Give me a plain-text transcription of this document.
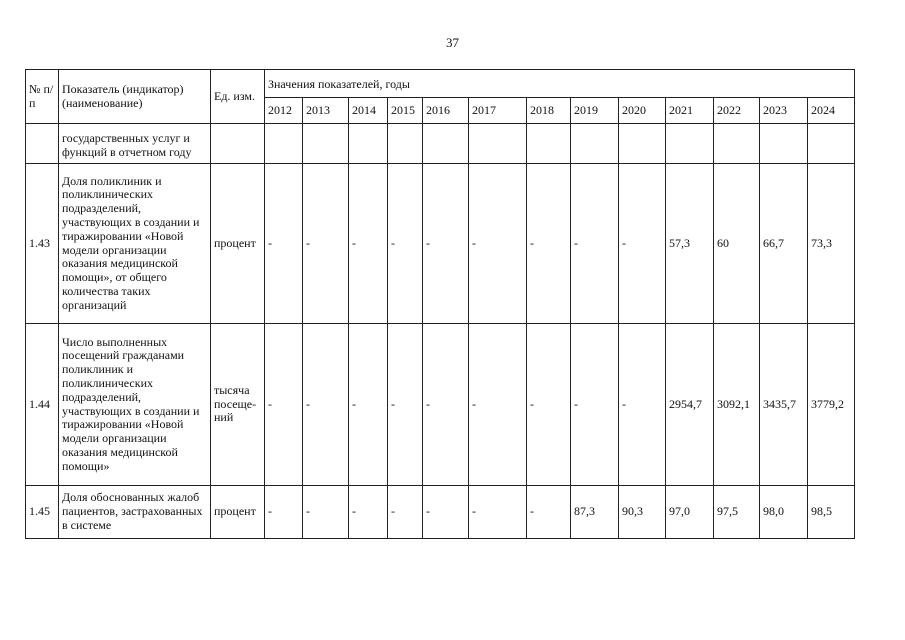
37
№ п/п	Показатель (индикатор) (наименование)	Ед. изм.	Значения показателей, годы												
			2012	2013	2014	2015	2016	2017	2018	2019	2020	2021	2022	2023	2024
	государственных услуг и функций в отчетном году														
1.43	Доля поликлиник и поликлинических подразделений, участвующих в создании и тиражировании «Новой модели организации оказания медицинской помощи», от общего количества таких организаций	процент	-	-	-	-	-	-	-	-	-	57,3	60	66,7	73,3
1.44	Число выполненных посещений гражданами поликлиник и поликлинических подразделений, участвующих в создании и тиражировании «Новой модели организации оказания медицинской помощи»	тысяча посеще-ний	-	-	-	-	-	-	-	-	-	2954,7	3092,1	3435,7	3779,2
1.45	Доля обоснованных жалоб пациентов, застрахованных в системе	процент	-	-	-	-	-	-	-	87,3	90,3	97,0	97,5	98,0	98,5
